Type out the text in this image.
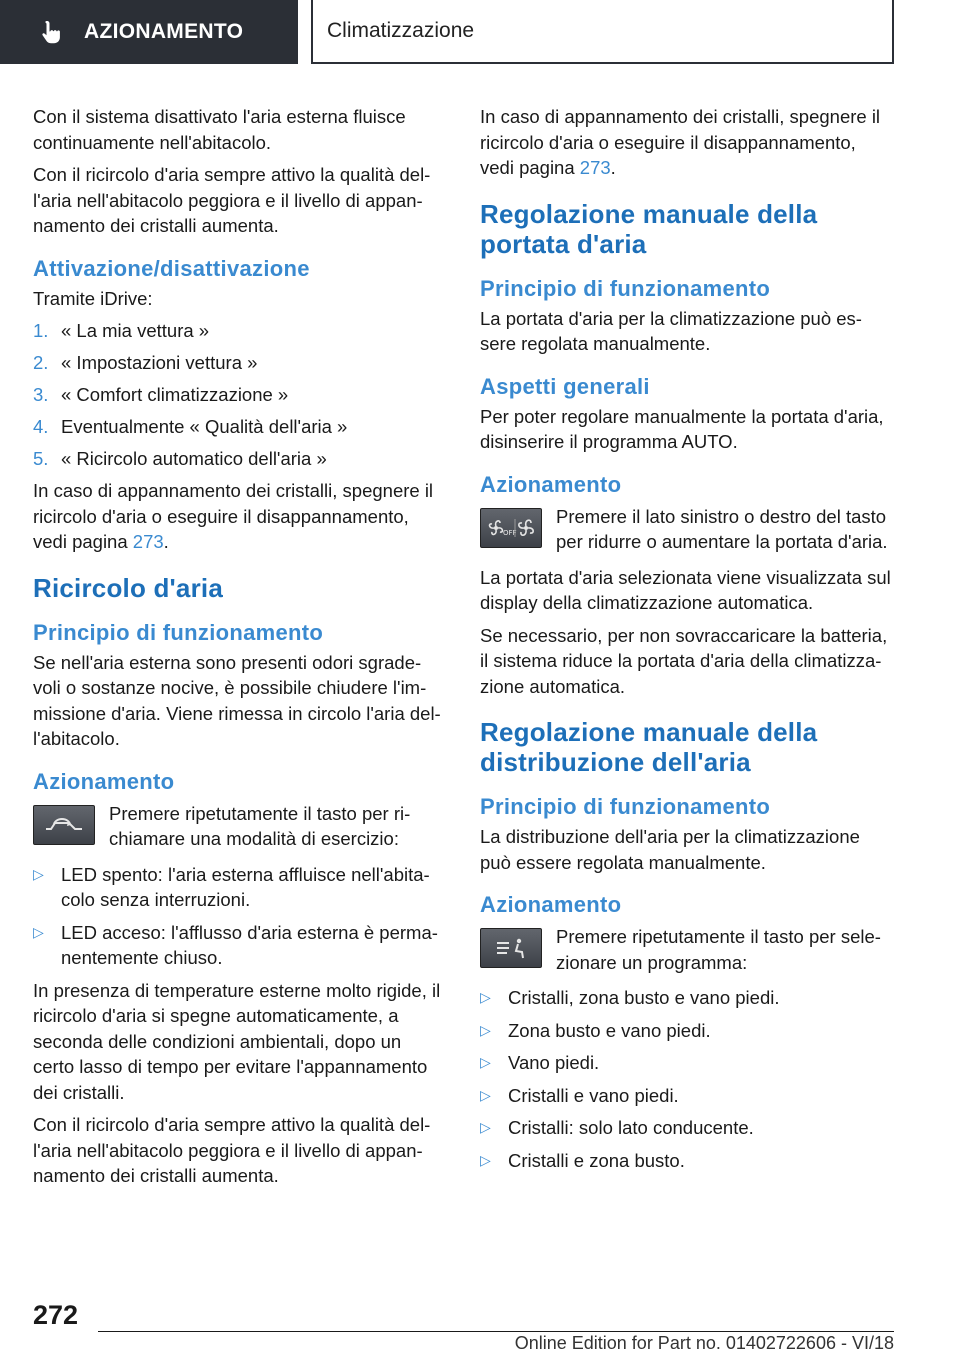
AZIONAMENTO	Climatizzazione

Con il sistema disattivato l'aria esterna fluisce continuamente nell'abitacolo.

Con il ricircolo d'aria sempre attivo la qualità del- l'aria nell'abitacolo peggiora e il livello di appan- namento dei cristalli aumenta.

Attivazione/disattivazione

Tramite iDrive:

1. « La mia vettura »
2. « Impostazioni vettura »
3. « Comfort climatizzazione »
4. Eventualmente « Qualità dell'aria »
5. « Ricircolo automatico dell'aria »

In caso di appannamento dei cristalli, spegnere il ricircolo d'aria o eseguire il disappannamento, vedi pagina 273.

Ricircolo d'aria
Principio di funzionamento

Se nell'aria esterna sono presenti odori sgrade- voli o sostanze nocive, è possibile chiudere l'im- missione d'aria. Viene rimessa in circolo l'aria del- l'abitacolo.

Azionamento
Premere ripetutamente il tasto per ri- chiamare una modalità di esercizio:
▷ LED spento: l'aria esterna affluisce nell'abita- colo senza interruzioni.
▷ LED acceso: l'afflusso d'aria esterna è perma- nentemente chiuso.

In presenza di temperature esterne molto rigide, il ricircolo d'aria si spegne automaticamente, a seconda delle condizioni ambientali, dopo un certo lasso di tempo per evitare l'appannamento dei cristalli.

Con il ricircolo d'aria sempre attivo la qualità del- l'aria nell'abitacolo peggiora e il livello di appan- namento dei cristalli aumenta.

In caso di appannamento dei cristalli, spegnere il ricircolo d'aria o eseguire il disappannamento, vedi pagina 273.

Regolazione manuale della portata d'aria
Principio di funzionamento

La portata d'aria per la climatizzazione può es- sere regolata manualmente.

Aspetti generali

Per poter regolare manualmente la portata d'aria, disinserire il programma AUTO.

Azionamento
OFF
Premere il lato sinistro o destro del tasto per ridurre o aumentare la portata d'aria.

La portata d'aria selezionata viene visualizzata sul display della climatizzazione automatica.

Se necessario, per non sovraccaricare la batteria, il sistema riduce la portata d'aria della climatizza- zione automatica.

Regolazione manuale della distribuzione dell'aria
Principio di funzionamento

La distribuzione dell'aria per la climatizzazione può essere regolata manualmente.

Azionamento
Premere ripetutamente il tasto per sele- zionare un programma:
▷ Cristalli, zona busto e vano piedi.
▷ Zona busto e vano piedi.
▷ Vano piedi.
▷ Cristalli e vano piedi.
▷ Cristalli: solo lato conducente.
▷ Cristalli e zona busto.
272
Online Edition for Part no. 01402722606 - VI/18
